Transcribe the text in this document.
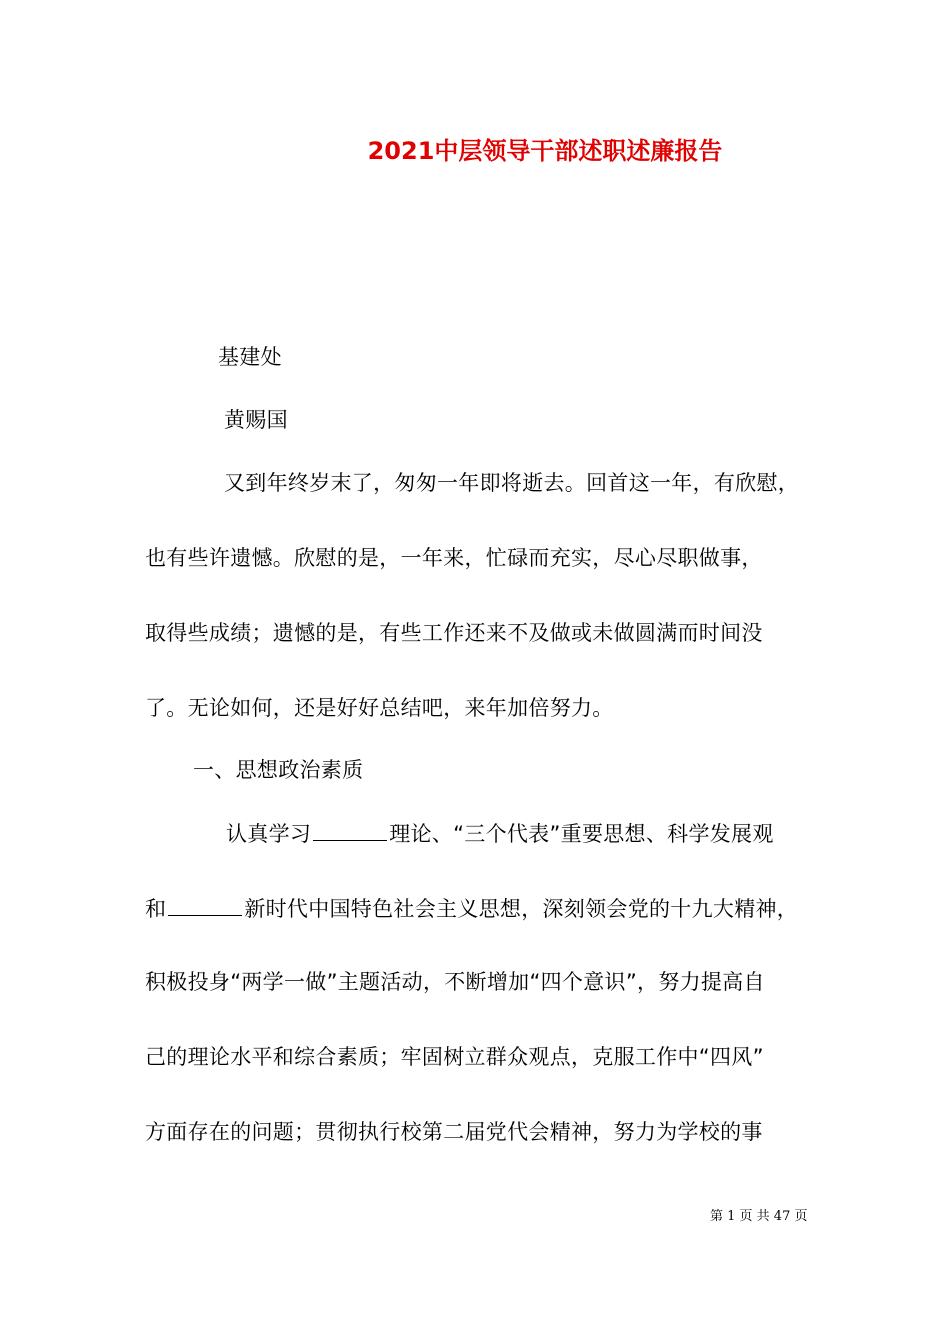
2021中层领导干部述职述廉报告
基建处
黄赐国
又到年终岁末了，匆匆一年即将逝去。回首这一年，有欣慰，
也有些许遗憾。欣慰的是，一年来，忙碌而充实，尽心尽职做事，
取得些成绩；遗憾的是，有些工作还来不及做或未做圆满而时间没
了。无论如何，还是好好总结吧，来年加倍努力。
一、思想政治素质
认真学习	理论、“三个代表”重要思想、科学发展观
和	新时代中国特色社会主义思想，深刻领会党的十九大精神，
积极投身“两学一做”主题活动，不断增加“四个意识”，努力提高自
己的理论水平和综合素质；牢固树立群众观点，克服工作中“四风”
方面存在的问题；贯彻执行校第二届党代会精神，努力为学校的事
第 1 页 共 47 页
